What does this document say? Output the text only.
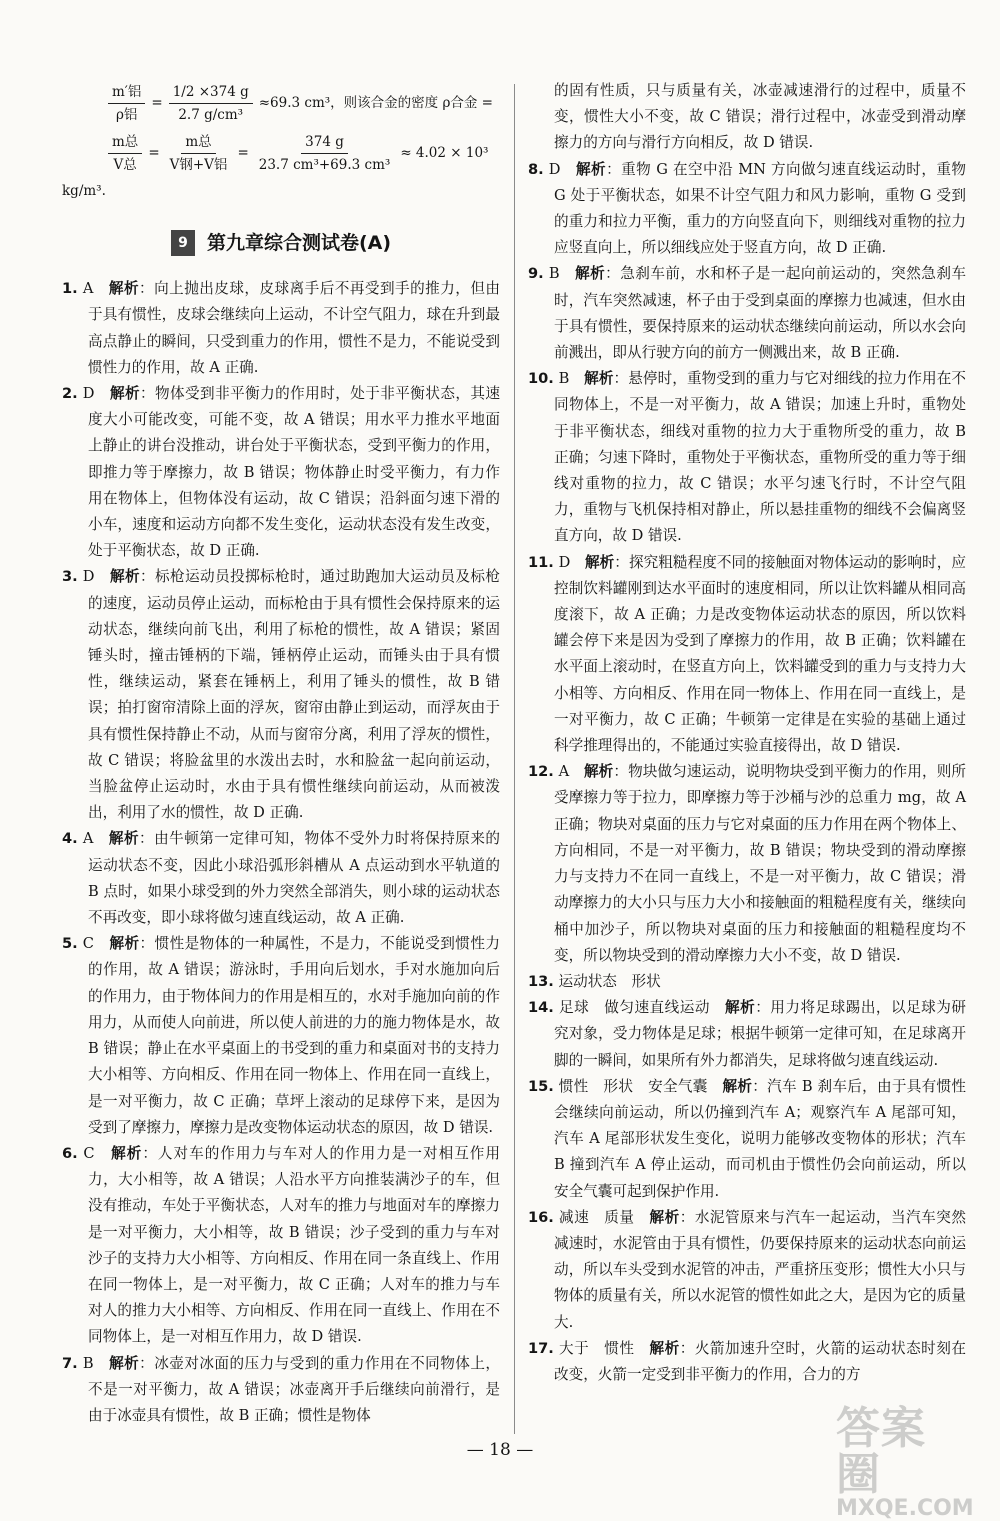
$\frac{\text{m′铝}}{\text{ρ铝}} = \frac{1/2 \times 374 g}{\text{2.7 g/cm³}} \approx 69.3$ cm³，则该合金的密度 ρ合金 =
$\frac{\text{m总}}{\text{V总}} = \frac{\text{m总}}{\text{V钢+V铝}} = \frac{374 g}{\text{23.7 cm³+69.3 cm³}} \approx 4.02 \times 10^3$
kg/m³.
9	第九章综合测试卷(A)

1. A　 解析：向上抛出皮球，皮球离手后不再受到手的推力，但由于具有惯性，皮球会继续向上运动，不计空气阻力，球在升到最高点静止的瞬间，只受到重力的作用，惯性不是力，不能说受到惯性力的作用，故 A 正确.

2. D　 解析：物体受到非平衡力的作用时，处于非平衡状态，其速度大小可能改变，可能不变，故 A 错误；用水平力推水平地面上静止的讲台没推动，讲台处于平衡状态，受到平衡力的作用，即推力等于摩擦力，故 B 错误；物体静止时受平衡力，有力作用在物体上，但物体没有运动，故 C 错误；沿斜面匀速下滑的小车，速度和运动方向都不发生变化，运动状态没有发生改变，处于平衡状态，故 D 正确.

3. D　 解析：标枪运动员投掷标枪时，通过助跑加大运动员及标枪的速度，运动员停止运动，而标枪由于具有惯性会保持原来的运动状态，继续向前飞出，利用了标枪的惯性，故 A 错误；紧固锤头时，撞击锤柄的下端，锤柄停止运动，而锤头由于具有惯性，继续运动，紧套在锤柄上，利用了锤头的惯性，故 B 错误；拍打窗帘清除上面的浮灰，窗帘由静止到运动，而浮灰由于具有惯性保持静止不动，从而与窗帘分离，利用了浮灰的惯性，故 C 错误；将脸盆里的水泼出去时，水和脸盆一起向前运动，当脸盆停止运动时，水由于具有惯性继续向前运动，从而被泼出，利用了水的惯性，故 D 正确.

4. A　 解析：由牛顿第一定律可知，物体不受外力时将保持原来的运动状态不变，因此小球沿弧形斜槽从 A 点运动到水平轨道的 B 点时，如果小球受到的外力突然全部消失，则小球的运动状态不再改变，即小球将做匀速直线运动，故 A 正确.

5. C　 解析：惯性是物体的一种属性，不是力，不能说受到惯性力的作用，故 A 错误；游泳时，手用向后划水，手对水施加向后的作用力，由于物体间力的作用是相互的，水对手施加向前的作用力，从而使人向前进，所以使人前进的力的施力物体是水，故 B 错误；静止在水平桌面上的书受到的重力和桌面对书的支持力大小相等、方向相反、作用在同一物体上、作用在同一直线上，是一对平衡力，故 C 正确；草坪上滚动的足球停下来，是因为受到了摩擦力，摩擦力是改变物体运动状态的原因，故 D 错误.

6. C　 解析：人对车的作用力与车对人的作用力是一对相互作用力，大小相等，故 A 错误；人沿水平方向推装满沙子的车，但没有推动，车处于平衡状态，人对车的推力与地面对车的摩擦力是一对平衡力，大小相等，故 B 错误；沙子受到的重力与车对沙子的支持力大小相等、方向相反、作用在同一条直线上、作用在同一物体上，是一对平衡力，故 C 正确；人对车的推力与车对人的推力大小相等、方向相反、作用在同一直线上、作用在不同物体上，是一对相互作用力，故 D 错误.

7. B　 解析：冰壶对冰面的压力与受到的重力作用在不同物体上，不是一对平衡力，故 A 错误；冰壶离开手后继续向前滑行，是由于冰壶具有惯性，故 B 正确；惯性是物体

的固有性质，只与质量有关，冰壶减速滑行的过程中，质量不变，惯性大小不变，故 C 错误；滑行过程中，冰壶受到滑动摩擦力的方向与滑行方向相反，故 D 错误.

8. D　 解析：重物 G 在空中沿 MN 方向做匀速直线运动时，重物 G 处于平衡状态，如果不计空气阻力和风力影响，重物 G 受到的重力和拉力平衡，重力的方向竖直向下，则细线对重物的拉力应竖直向上，所以细线应处于竖直方向，故 D 正确.

9. B　 解析：急刹车前，水和杯子是一起向前运动的，突然急刹车时，汽车突然减速，杯子由于受到桌面的摩擦力也减速，但水由于具有惯性，要保持原来的运动状态继续向前运动，所以水会向前溅出，即从行驶方向的前方一侧溅出来，故 B 正确.

10. B　 解析：悬停时，重物受到的重力与它对细线的拉力作用在不同物体上，不是一对平衡力，故 A 错误；加速上升时，重物处于非平衡状态，细线对重物的拉力大于重物所受的重力，故 B 正确；匀速下降时，重物处于平衡状态，重物所受的重力等于细线对重物的拉力，故 C 错误；水平匀速飞行时，不计空气阻力，重物与飞机保持相对静止，所以悬挂重物的细线不会偏离竖直方向，故 D 错误.

11. D　 解析：探究粗糙程度不同的接触面对物体运动的影响时，应控制饮料罐刚到达水平面时的速度相同，所以让饮料罐从相同高度滚下，故 A 正确；力是改变物体运动状态的原因，所以饮料罐会停下来是因为受到了摩擦力的作用，故 B 正确；饮料罐在水平面上滚动时，在竖直方向上，饮料罐受到的重力与支持力大小相等、方向相反、作用在同一物体上、作用在同一直线上，是一对平衡力，故 C 正确；牛顿第一定律是在实验的基础上通过科学推理得出的，不能通过实验直接得出，故 D 错误.

12. A　 解析：物块做匀速运动，说明物块受到平衡力的作用，则所受摩擦力等于拉力，即摩擦力等于沙桶与沙的总重力 mg，故 A 正确；物块对桌面的压力与它对桌面的压力作用在两个物体上、方向相同，不是一对平衡力，故 B 错误；物块受到的滑动摩擦力与支持力不在同一直线上，不是一对平衡力，故 C 错误；滑动摩擦力的大小只与压力大小和接触面的粗糙程度有关，继续向桶中加沙子，所以物块对桌面的压力和接触面的粗糙程度均不变，所以物块受到的滑动摩擦力大小不变，故 D 错误.

13. 运动状态　形状　

14. 足球　做匀速直线运动　 解析：用力将足球踢出，以足球为研究对象，受力物体是足球；根据牛顿第一定律可知，在足球离开脚的一瞬间，如果所有外力都消失，足球将做匀速直线运动.

15. 惯性　形状　安全气囊　 解析：汽车 B 刹车后，由于具有惯性会继续向前运动，所以仍撞到汽车 A；观察汽车 A 尾部可知，汽车 A 尾部形状发生变化，说明力能够改变物体的形状；汽车 B 撞到汽车 A 停止运动，而司机由于惯性仍会向前运动，所以安全气囊可起到保护作用.

16. 减速　质量　 解析：水泥管原来与汽车一起运动，当汽车突然减速时，水泥管由于具有惯性，仍要保持原来的运动状态向前运动，所以车头受到水泥管的冲击，严重挤压变形；惯性大小只与物体的质量有关，所以水泥管的惯性如此之大，是因为它的质量大.

17. 大于　惯性　 解析：火箭加速升空时，火箭的运动状态时刻在改变，火箭一定受到非平衡力的作用，合力的方

— 18 —	答案圈
MXQE.COM
